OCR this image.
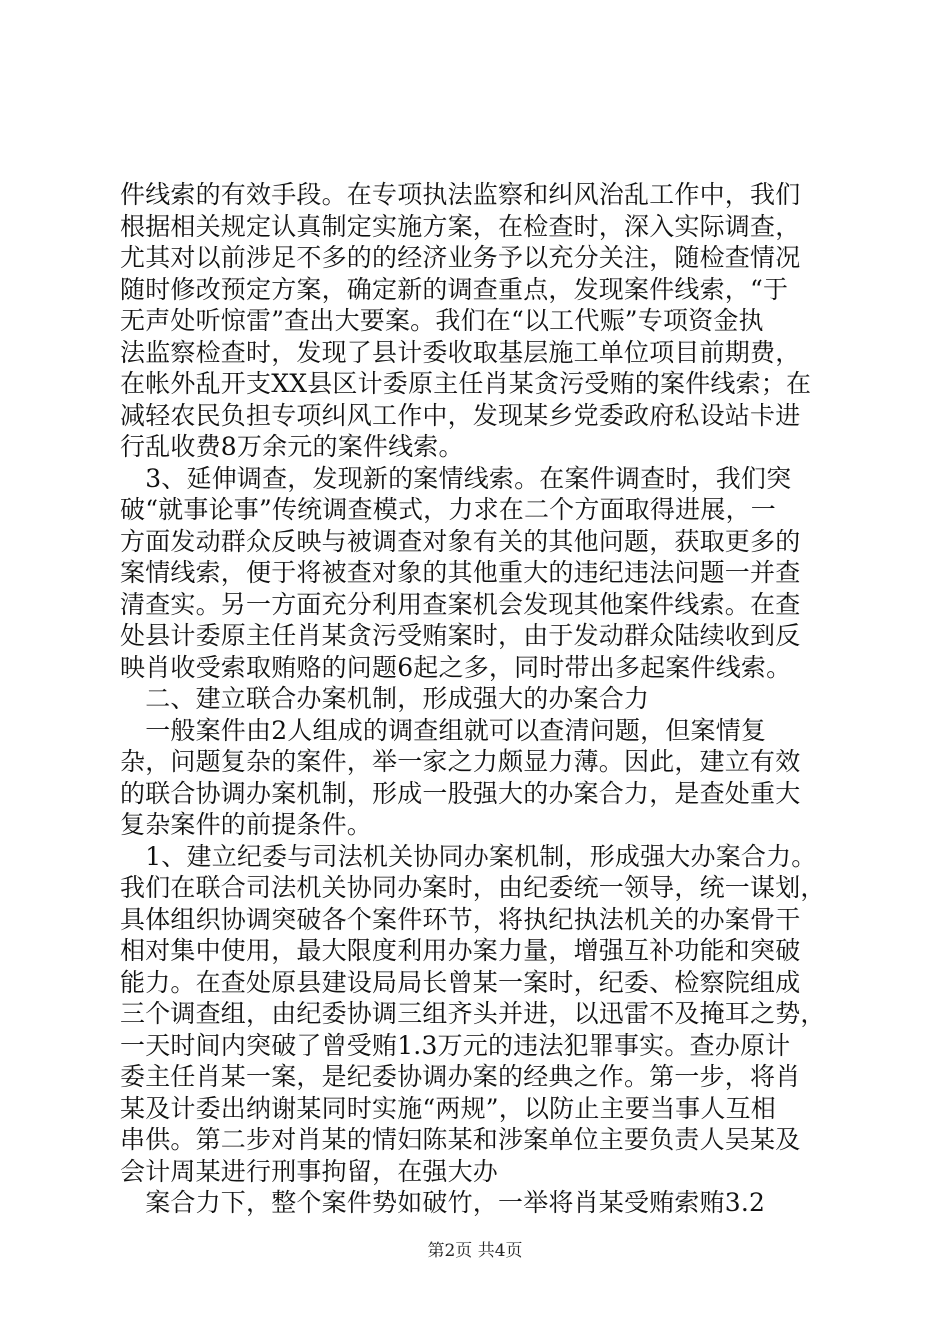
件线索的有效手段。在专项执法监察和纠风治乱工作中，我们
根据相关规定认真制定实施方案，在检查时，深入实际调查，
尤其对以前涉足不多的的经济业务予以充分关注，随检查情况
随时修改预定方案，确定新的调查重点，发现案件线索，“于
无声处听惊雷”查出大要案。我们在“以工代赈”专项资金执
法监察检查时，发现了县计委收取基层施工单位项目前期费，
在帐外乱开支XX县区计委原主任肖某贪污受贿的案件线索；在
减轻农民负担专项纠风工作中，发现某乡党委政府私设站卡进
行乱收费8万余元的案件线索。
　3、延伸调查，发现新的案情线索。在案件调查时，我们突
破“就事论事”传统调查模式，力求在二个方面取得进展，一
方面发动群众反映与被调查对象有关的其他问题，获取更多的
案情线索，便于将被查对象的其他重大的违纪违法问题一并查
清查实。另一方面充分利用查案机会发现其他案件线索。在查
处县计委原主任肖某贪污受贿案时，由于发动群众陆续收到反
映肖收受索取贿赂的问题6起之多，同时带出多起案件线索。
　二、建立联合办案机制，形成强大的办案合力
　一般案件由2人组成的调查组就可以查清问题，但案情复
杂，问题复杂的案件，举一家之力颇显力薄。因此，建立有效
的联合协调办案机制，形成一股强大的办案合力，是查处重大
复杂案件的前提条件。
　1、建立纪委与司法机关协同办案机制，形成强大办案合力。
我们在联合司法机关协同办案时，由纪委统一领导，统一谋划，
具体组织协调突破各个案件环节，将执纪执法机关的办案骨干
相对集中使用，最大限度利用办案力量，增强互补功能和突破
能力。在查处原县建设局局长曾某一案时，纪委、检察院组成
三个调查组，由纪委协调三组齐头并进，以迅雷不及掩耳之势，
一天时间内突破了曾受贿1.3万元的违法犯罪事实。查办原计
委主任肖某一案，是纪委协调办案的经典之作。第一步，将肖
某及计委出纳谢某同时实施“两规”，以防止主要当事人互相
串供。第二步对肖某的情妇陈某和涉案单位主要负责人吴某及
会计周某进行刑事拘留，在强大办
　案合力下，整个案件势如破竹，一举将肖某受贿索贿3.2
第2页 共4页
